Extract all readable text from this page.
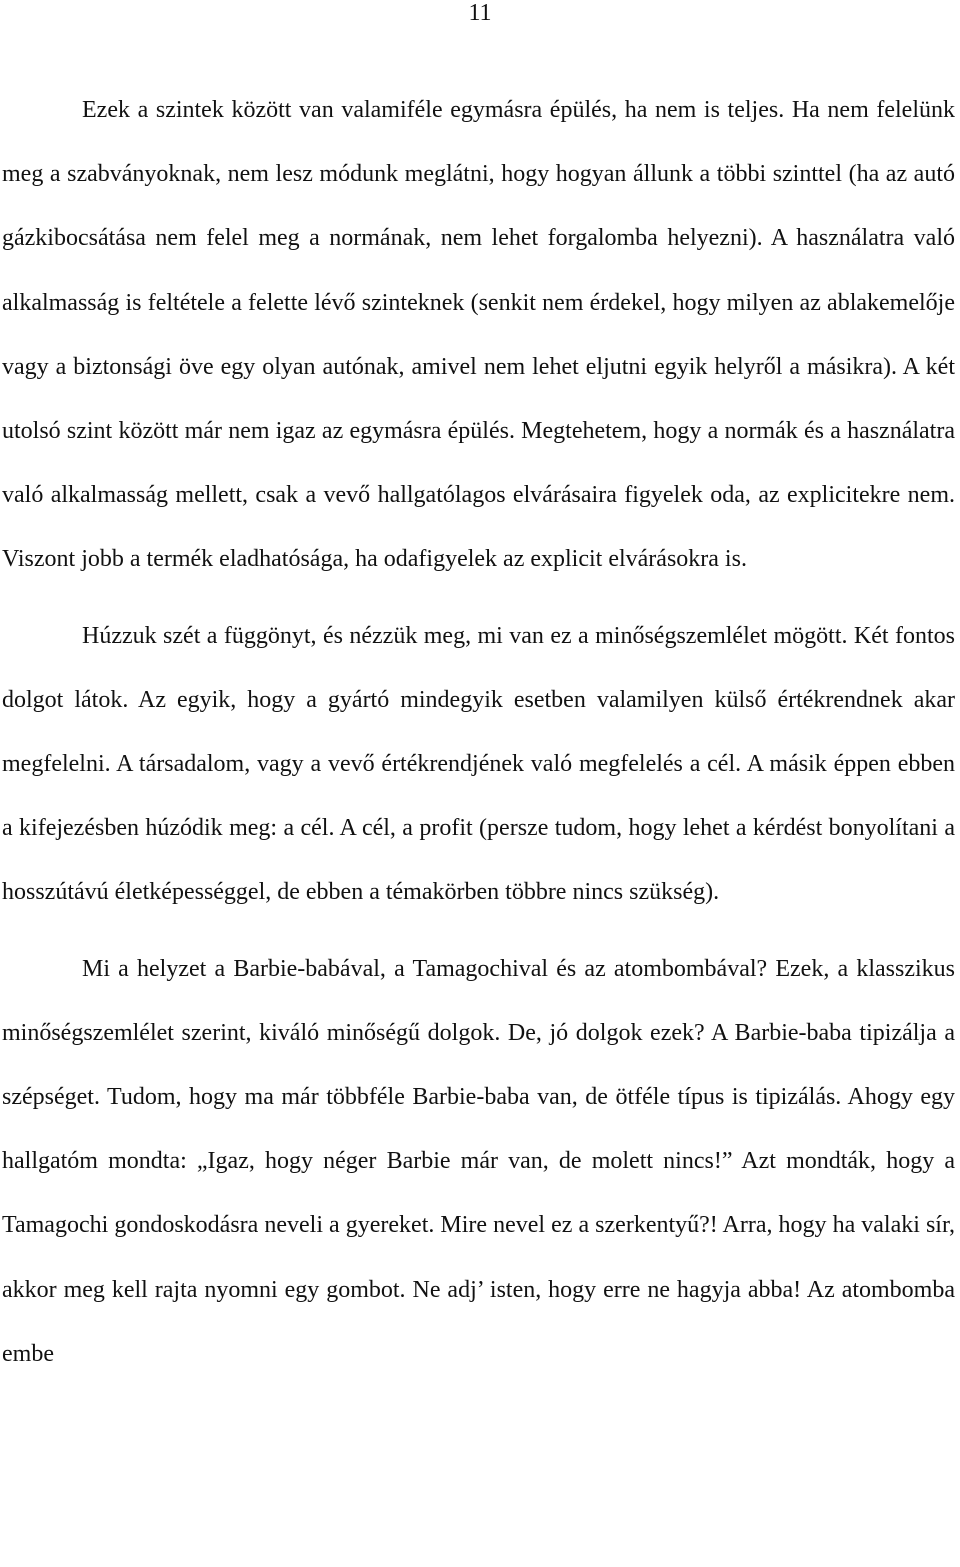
11

Ezek a szintek között van valamiféle egymásra épülés, ha nem is teljes. Ha nem felelünk meg a szabványoknak, nem lesz módunk meglátni, hogy hogyan állunk a többi szinttel (ha az autó gázkibocsátása nem felel meg a normának, nem lehet forgalomba helyezni). A használatra való alkalmasság is feltétele a felette lévő szinteknek (senkit nem érdekel, hogy milyen az ablakemelője vagy a biztonsági öve egy olyan autónak, amivel nem lehet eljutni egyik helyről a másikra). A két utolsó szint között már nem igaz az egymásra épülés. Megtehetem, hogy a normák és a használatra való alkalmasság mellett, csak a vevő hallgatólagos elvárásaira figyelek oda, az explicitekre nem. Viszont jobb a termék eladhatósága, ha odafigyelek az explicit elvárásokra is.

Húzzuk szét a függönyt, és nézzük meg, mi van ez a minőségszemlélet mögött. Két fontos dolgot látok. Az egyik, hogy a gyártó mindegyik esetben valamilyen külső értékrendnek akar megfelelni. A társadalom, vagy a vevő értékrendjének való megfelelés a cél. A másik éppen ebben a kifejezésben húzódik meg: a cél. A cél, a profit (persze tudom, hogy lehet a kérdést bonyolítani a hosszútávú életképességgel, de ebben a témakörben többre nincs szükség).

Mi a helyzet a Barbie-babával, a Tamagochival és az atombombával? Ezek, a klasszikus minőségszemlélet szerint, kiváló minőségű dolgok. De, jó dolgok ezek? A Barbie-baba tipizálja a szépséget. Tudom, hogy ma már többféle Barbie-baba van, de ötféle típus is tipizálás. Ahogy egy hallgatóm mondta: „Igaz, hogy néger Barbie már van, de molett nincs!” Azt mondták, hogy a Tamagochi gondoskodásra neveli a gyereket. Mire nevel ez a szerkentyű?! Arra, hogy ha valaki sír, akkor meg kell rajta nyomni egy gombot. Ne adj’ isten, hogy erre ne hagyja abba! Az atombomba embe
